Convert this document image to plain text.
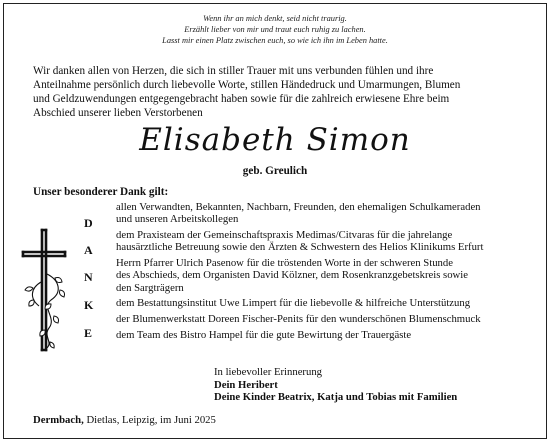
Wenn ihr an mich denkt, seid nicht traurig.
Erzählt lieber von mir und traut euch ruhig zu lachen.
Lasst mir einen Platz zwischen euch, so wie ich ihn im Leben hatte.
Wir danken allen von Herzen, die sich in stiller Trauer mit uns verbunden fühlen und ihre
Anteilnahme persönlich durch liebevolle Worte, stillen Händedruck und Umarmungen, Blumen
und Geldzuwendungen entgegengebracht haben sowie für die zahlreich erwiesene Ehre beim
Abschied unserer lieben Verstorbenen
Elisabeth Simon
geb. Greulich
Unser besonderer Dank gilt:
D
A
N
K
E
allen Verwandten, Bekannten, Nachbarn, Freunden, den ehemaligen Schulkameraden
und unseren Arbeitskollegen
dem Praxisteam der Gemeinschaftspraxis Medimas/Citvaras für die jahrelange
hausärztliche Betreuung sowie den Ärzten & Schwestern des Helios Klinikums Erfurt
Herrn Pfarrer Ulrich Pasenow für die tröstenden Worte in der schweren Stunde
des Abschieds, dem Organisten David Kölzner, dem Rosenkranzgebetskreis sowie
den Sargträgern
dem Bestattungsinstitut Uwe Limpert für die liebevolle & hilfreiche Unterstützung
der Blumenwerkstatt Doreen Fischer-Penits für den wunderschönen Blumenschmuck
dem Team des Bistro Hampel für die gute Bewirtung der Trauergäste
In liebevoller Erinnerung
Dein Heribert
Deine Kinder Beatrix, Katja und Tobias mit Familien
Dermbach, Dietlas, Leipzig, im Juni 2025
